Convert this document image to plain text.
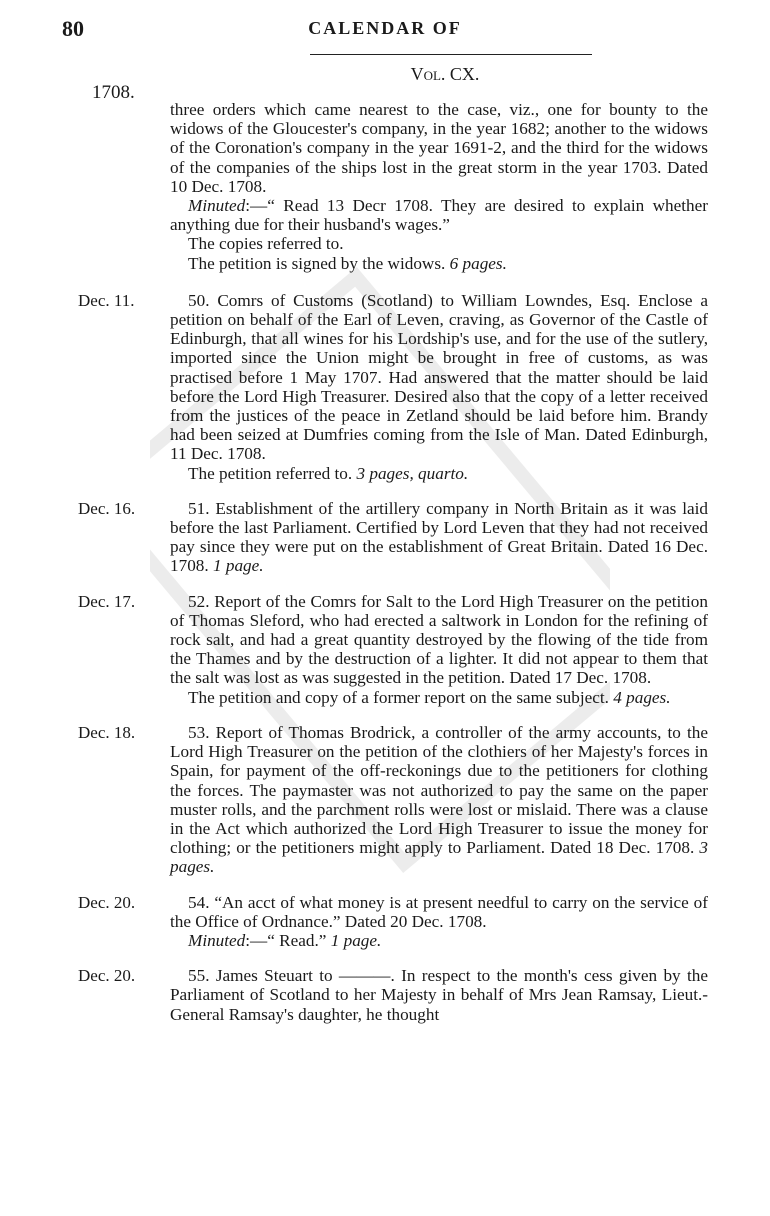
80	CALENDAR OF
Vol. CX.
1708.

three orders which came nearest to the case, viz., one for bounty to the widows of the Gloucester's company, in the year 1682; another to the widows of the Coronation's company in the year 1691-2, and the third for the widows of the companies of the ships lost in the great storm in the year 1703. Dated 10 Dec. 1708.

Minuted:—“ Read 13 Decr 1708. They are desired to explain whether anything due for their husband's wages.”

The copies referred to.

The petition is signed by the widows. 6 pages.

Dec. 11.	50. Comrs of Customs (Scotland) to William Lowndes, Esq. Enclose a petition on behalf of the Earl of Leven, craving, as Governor of the Castle of Edinburgh, that all wines for his Lordship's use, and for the use of the sutlery, imported since the Union might be brought in free of customs, as was practised before 1 May 1707. Had answered that the matter should be laid before the Lord High Treasurer. Desired also that the copy of a letter received from the justices of the peace in Zetland should be laid before him. Brandy had been seized at Dumfries coming from the Isle of Man. Dated Edinburgh, 11 Dec. 1708.

The petition referred to. 3 pages, quarto.

Dec. 16.	51. Establishment of the artillery company in North Britain as it was laid before the last Parliament. Certified by Lord Leven that they had not received pay since they were put on the establishment of Great Britain. Dated 16 Dec. 1708. 1 page.

Dec. 17.	52. Report of the Comrs for Salt to the Lord High Treasurer on the petition of Thomas Sleford, who had erected a saltwork in London for the refining of rock salt, and had a great quantity destroyed by the flowing of the tide from the Thames and by the destruction of a lighter. It did not appear to them that the salt was lost as was suggested in the petition. Dated 17 Dec. 1708.

The petition and copy of a former report on the same subject. 4 pages.

Dec. 18.	53. Report of Thomas Brodrick, a controller of the army accounts, to the Lord High Treasurer on the petition of the clothiers of her Majesty's forces in Spain, for payment of the off-reckonings due to the petitioners for clothing the forces. The paymaster was not authorized to pay the same on the paper muster rolls, and the parchment rolls were lost or mislaid. There was a clause in the Act which authorized the Lord High Treasurer to issue the money for clothing; or the petitioners might apply to Parliament. Dated 18 Dec. 1708. 3 pages.

Dec. 20.	54. “An acct of what money is at present needful to carry on the service of the Office of Ordnance.” Dated 20 Dec. 1708.

Minuted:—“ Read.” 1 page.

Dec. 20.	55. James Steuart to ———. In respect to the month's cess given by the Parliament of Scotland to her Majesty in behalf of Mrs Jean Ramsay, Lieut.-General Ramsay's daughter, he thought
